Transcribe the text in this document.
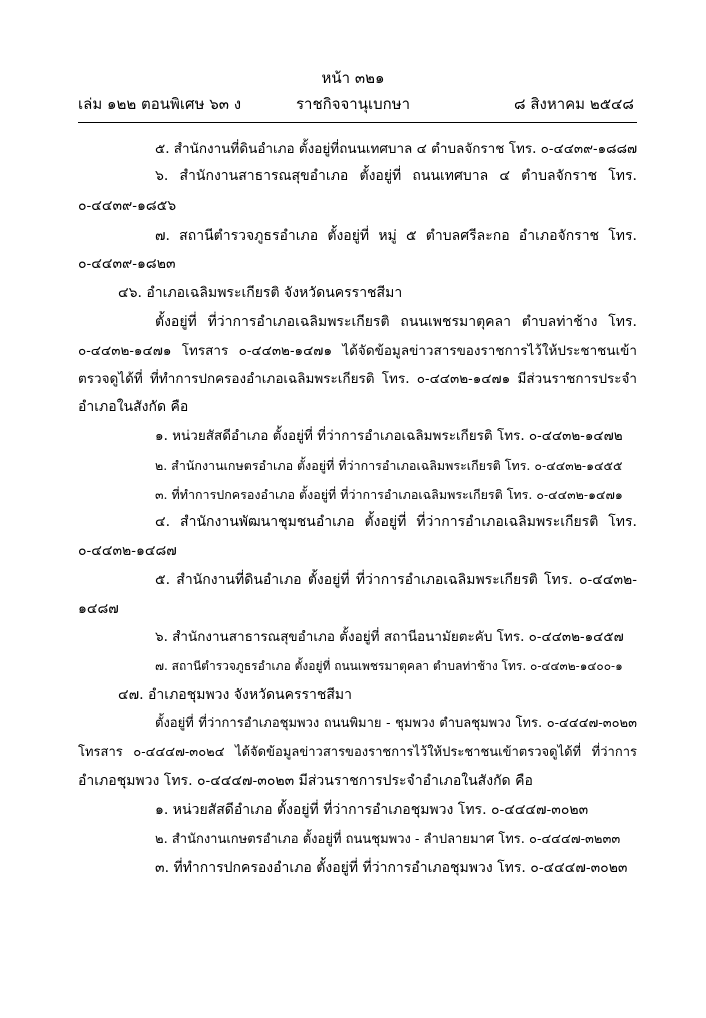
หน้า ๓๒๑
เล่ม ๑๒๒ ตอนพิเศษ ๖๓ ง	ราชกิจจานุเบกษา	๘ สิงหาคม ๒๕๔๘
๕. สำนักงานที่ดินอำเภอ ตั้งอยู่ที่ถนนเทศบาล ๔ ตำบลจักราช โทร. ๐-๔๔๓๙-๑๘๘๗
๖. สำนักงานสาธารณสุขอำเภอ ตั้งอยู่ที่ ถนนเทศบาล ๔ ตำบลจักราช โทร.
๐-๔๔๓๙-๑๘๕๖
๗. สถานีตำรวจภูธรอำเภอ ตั้งอยู่ที่ หมู่ ๕ ตำบลศรีละกอ อำเภอจักราช โทร.
๐-๔๔๓๙-๑๘๒๓
๔๖. อำเภอเฉลิมพระเกียรติ จังหวัดนครราชสีมา
ตั้งอยู่ที่ ที่ว่าการอำเภอเฉลิมพระเกียรติ ถนนเพชรมาตุคลา ตำบลท่าช้าง โทร.
๐-๔๔๓๒-๑๔๗๑ โทรสาร ๐-๔๔๓๒-๑๔๗๑ ได้จัดข้อมูลข่าวสารของราชการไว้ให้ประชาชนเข้า
ตรวจดูได้ที่ ที่ทำการปกครองอำเภอเฉลิมพระเกียรติ โทร. ๐-๔๔๓๒-๑๔๗๑ มีส่วนราชการประจำ
อำเภอในสังกัด คือ
๑. หน่วยสัสดีอำเภอ ตั้งอยู่ที่ ที่ว่าการอำเภอเฉลิมพระเกียรติ โทร. ๐-๔๔๓๒-๑๔๗๒
๒. สำนักงานเกษตรอำเภอ ตั้งอยู่ที่ ที่ว่าการอำเภอเฉลิมพระเกียรติ โทร. ๐-๔๔๓๒-๑๔๕๕
๓. ที่ทำการปกครองอำเภอ ตั้งอยู่ที่ ที่ว่าการอำเภอเฉลิมพระเกียรติ โทร. ๐-๔๔๓๒-๑๔๗๑
๔. สำนักงานพัฒนาชุมชนอำเภอ ตั้งอยู่ที่ ที่ว่าการอำเภอเฉลิมพระเกียรติ โทร.
๐-๔๔๓๒-๑๔๘๗
๕. สำนักงานที่ดินอำเภอ ตั้งอยู่ที่ ที่ว่าการอำเภอเฉลิมพระเกียรติ โทร. ๐-๔๔๓๒-
๑๔๘๗
๖. สำนักงานสาธารณสุขอำเภอ ตั้งอยู่ที่ สถานีอนามัยตะคับ โทร. ๐-๔๔๓๒-๑๔๕๗
๗. สถานีตำรวจภูธรอำเภอ ตั้งอยู่ที่ ถนนเพชรมาตุคลา ตำบลท่าช้าง โทร. ๐-๔๔๓๒-๑๔๐๐-๑
๔๗. อำเภอชุมพวง จังหวัดนครราชสีมา
ตั้งอยู่ที่ ที่ว่าการอำเภอชุมพวง ถนนพิมาย - ชุมพวง ตำบลชุมพวง โทร. ๐-๔๔๔๗-๓๐๒๓
โทรสาร ๐-๔๔๔๗-๓๐๒๔ ได้จัดข้อมูลข่าวสารของราชการไว้ให้ประชาชนเข้าตรวจดูได้ที่ ที่ว่าการ
อำเภอชุมพวง โทร. ๐-๔๔๔๗-๓๐๒๓ มีส่วนราชการประจำอำเภอในสังกัด คือ
๑. หน่วยสัสดีอำเภอ ตั้งอยู่ที่ ที่ว่าการอำเภอชุมพวง โทร. ๐-๔๔๔๗-๓๐๒๓
๒. สำนักงานเกษตรอำเภอ ตั้งอยู่ที่ ถนนชุมพวง - ลำปลายมาศ โทร. ๐-๔๔๔๗-๓๒๓๓
๓. ที่ทำการปกครองอำเภอ ตั้งอยู่ที่ ที่ว่าการอำเภอชุมพวง โทร. ๐-๔๔๔๗-๓๐๒๓
